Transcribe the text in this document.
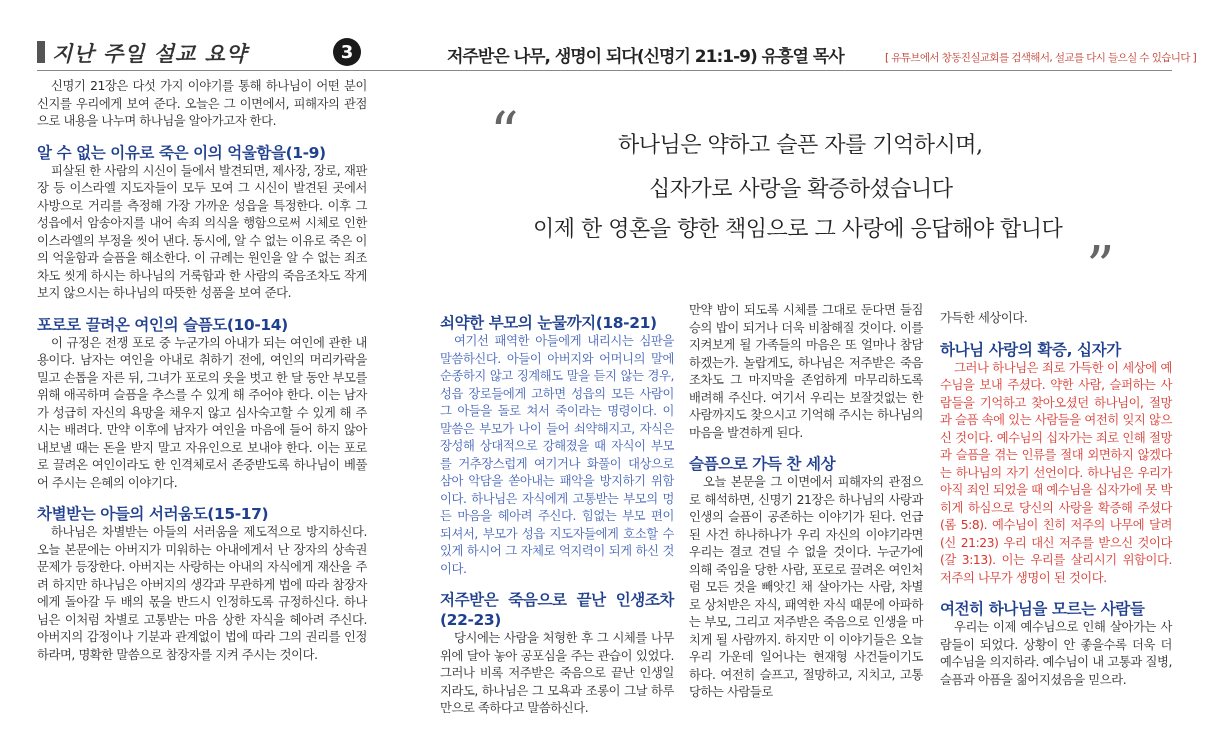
지난 주일 설교 요약	3	저주받은 나무, 생명이 되다(신명기 21:1-9) 유흥열 목사	[ 유튜브에서 창동진실교회를 검색해서, 설교를 다시 들으실 수 있습니다 ]

신명기 21장은 다섯 가지 이야기를 통해 하나님이 어떤 분이신지를 우리에게 보여 준다. 오늘은 그 이면에서, 피해자의 관점으로 내용을 나누며 하나님을 알아가고자 한다.

알 수 없는 이유로 죽은 이의 억울함을(1-9)

피살된 한 사람의 시신이 들에서 발견되면, 제사장, 장로, 재판장 등 이스라엘 지도자들이 모두 모여 그 시신이 발견된 곳에서 사방으로 거리를 측정해 가장 가까운 성읍을 특정한다. 이후 그 성읍에서 암송아지를 내어 속죄 의식을 행함으로써 시체로 인한 이스라엘의 부정을 씻어 낸다. 동시에, 알 수 없는 이유로 죽은 이의 억울함과 슬픔을 해소한다. 이 규례는 원인을 알 수 없는 죄조차도 씻게 하시는 하나님의 거룩함과 한 사람의 죽음조차도 작게 보지 않으시는 하나님의 따뜻한 성품을 보여 준다.

포로로 끌려온 여인의 슬픔도(10-14)

이 규정은 전쟁 포로 중 누군가의 아내가 되는 여인에 관한 내용이다. 남자는 여인을 아내로 취하기 전에, 여인의 머리카락을 밀고 손톱을 자른 뒤, 그녀가 포로의 옷을 벗고 한 달 동안 부모를 위해 애곡하며 슬픔을 추스를 수 있게 해 주어야 한다. 이는 남자가 성급히 자신의 욕망을 채우지 않고 심사숙고할 수 있게 해 주시는 배려다. 만약 이후에 남자가 여인을 마음에 들어 하지 않아 내보낼 때는 돈을 받지 말고 자유인으로 보내야 한다. 이는 포로로 끌려온 여인이라도 한 인격체로서 존중받도록 하나님이 베풀어 주시는 은혜의 이야기다.

차별받는 아들의 서러움도(15-17)

하나님은 차별받는 아들의 서러움을 제도적으로 방지하신다. 오늘 본문에는 아버지가 미워하는 아내에게서 난 장자의 상속권 문제가 등장한다. 아버지는 사랑하는 아내의 자식에게 재산을 주려 하지만 하나님은 아버지의 생각과 무관하게 법에 따라 참장자에게 돌아갈 두 배의 몫을 반드시 인정하도록 규정하신다. 하나님은 이처럼 차별로 고통받는 마음 상한 자식을 헤아려 주신다. 아버지의 감정이나 기분과 관계없이 법에 따라 그의 권리를 인정하라며, 명확한 말씀으로 참장자를 지켜 주시는 것이다.

“	하나님은 약하고 슬픈 자를 기억하시며,
십자가로 사랑을 확증하셨습니다
이제 한 영혼을 향한 책임으로 그 사랑에 응답해야 합니다
”
쇠약한 부모의 눈물까지(18-21)

여기선 패역한 아들에게 내리시는 심판을 말씀하신다. 아들이 아버지와 어머니의 말에 순종하지 않고 징계해도 말을 듣지 않는 경우, 성읍 장로들에게 고하면 성읍의 모든 사람이 그 아들을 돌로 쳐서 죽이라는 명령이다. 이 말씀은 부모가 나이 들어 쇠약해지고, 자식은 장성해 상대적으로 강해졌을 때 자식이 부모를 거추장스럽게 여기거나 화풀이 대상으로 삼아 악담을 쏟아내는 패악을 방지하기 위함이다. 하나님은 자식에게 고통받는 부모의 멍든 마음을 헤아려 주신다. 힘없는 부모 편이 되셔서, 부모가 성읍 지도자들에게 호소할 수 있게 하시어 그 자체로 억지력이 되게 하신 것이다.

저주받은 죽음으로 끝난 인생조차(22-23)

당시에는 사람을 처형한 후 그 시체를 나무 위에 달아 놓아 공포심을 주는 관습이 있었다. 그러나 비록 저주받은 죽음으로 끝난 인생일지라도, 하나님은 그 모욕과 조롱이 그날 하루만으로 족하다고 말씀하신다.

만약 밤이 되도록 시체를 그대로 둔다면 들짐승의 밥이 되거나 더욱 비참해질 것이다. 이를 지켜보게 될 가족들의 마음은 또 얼마나 참담하겠는가. 놀랍게도, 하나님은 저주받은 죽음조차도 그 마지막을 존엄하게 마무리하도록 배려해 주신다. 여기서 우리는 보잘것없는 한 사람까지도 찾으시고 기억해 주시는 하나님의 마음을 발견하게 된다.

슬픔으로 가득 찬 세상

오늘 본문을 그 이면에서 피해자의 관점으로 해석하면, 신명기 21장은 하나님의 사랑과 인생의 슬픔이 공존하는 이야기가 된다. 언급된 사건 하나하나가 우리 자신의 이야기라면 우리는 결코 견딜 수 없을 것이다. 누군가에 의해 죽임을 당한 사람, 포로로 끌려온 여인처럼 모든 것을 빼앗긴 채 살아가는 사람, 차별로 상처받은 자식, 패역한 자식 때문에 아파하는 부모, 그리고 저주받은 죽음으로 인생을 마치게 될 사람까지. 하지만 이 이야기들은 오늘 우리 가운데 일어나는 현재형 사건들이기도 하다. 여전히 슬프고, 절망하고, 지치고, 고통당하는 사람들로

가득한 세상이다.

하나님 사랑의 확증, 십자가

그러나 하나님은 죄로 가득한 이 세상에 예수님을 보내 주셨다. 약한 사람, 슬퍼하는 사람들을 기억하고 찾아오셨던 하나님이, 절망과 슬픔 속에 있는 사람들을 여전히 잊지 않으신 것이다. 예수님의 십자가는 죄로 인해 절망과 슬픔을 겪는 인류를 절대 외면하지 않겠다는 하나님의 자기 선언이다. 하나님은 우리가 아직 죄인 되었을 때 예수님을 십자가에 못 박히게 하심으로 당신의 사랑을 확증해 주셨다(롬 5:8). 예수님이 친히 저주의 나무에 달려(신 21:23) 우리 대신 저주를 받으신 것이다(갈 3:13). 이는 우리를 살리시기 위함이다. 저주의 나무가 생명이 된 것이다.

여전히 하나님을 모르는 사람들

우리는 이제 예수님으로 인해 살아가는 사람들이 되었다. 상황이 안 좋을수록 더욱 더 예수님을 의지하라. 예수님이 내 고통과 질병, 슬픔과 아픔을 짊어지셨음을 믿으라.
